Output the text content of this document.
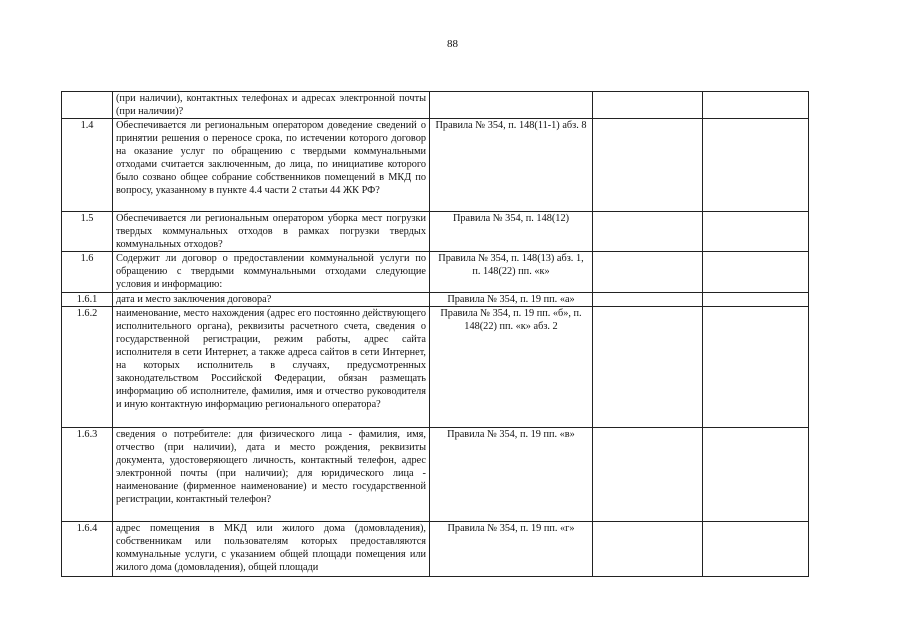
88
	(при наличии), контактных телефонах и адресах электронной почты (при наличии)?			
1.4	Обеспечивается ли региональным оператором доведение сведений о принятии решения о переносе срока, по истечении которого договор на оказание услуг по обращению с твердыми коммунальными отходами считается заключенным, до лица, по инициативе которого было созвано общее собрание собственников помещений в МКД по вопросу, указанному в пункте 4.4 части 2 статьи 44 ЖК РФ?	Правила № 354, п. 148(11-1) абз. 8		
1.5	Обеспечивается ли региональным оператором уборка мест погрузки твердых коммунальных отходов в рамках погрузки твердых коммунальных отходов?	Правила № 354, п. 148(12)		
1.6	Содержит ли договор о предоставлении коммунальной услуги по обращению с твердыми коммунальными отходами следующие условия и информацию:	Правила № 354, п. 148(13) абз. 1, п. 148(22) пп. «к»		
1.6.1	дата и место заключения договора?	Правила № 354, п. 19 пп. «а»		
1.6.2	наименование, место нахождения (адрес его постоянно действующего исполнительного органа), реквизиты расчетного счета, сведения о государственной регистрации, режим работы, адрес сайта исполнителя в сети Интернет, а также адреса сайтов в сети Интернет, на которых исполнитель в случаях, предусмотренных законодательством Российской Федерации, обязан размещать информацию об исполнителе, фамилия, имя и отчество руководителя и иную контактную информацию регионального оператора?	Правила № 354, п. 19 пп. «б», п. 148(22) пп. «к» абз. 2		
1.6.3	сведения о потребителе: для физического лица - фамилия, имя, отчество (при наличии), дата и место рождения, реквизиты документа, удостоверяющего личность, контактный телефон, адрес электронной почты (при наличии); для юридического лица - наименование (фирменное наименование) и место государственной регистрации, контактный телефон?	Правила № 354, п. 19 пп. «в»		
1.6.4	адрес помещения в МКД или жилого дома (домовладения), собственникам или пользователям которых предоставляются коммунальные услуги, с указанием общей площади помещения или жилого дома (домовладения), общей площади	Правила № 354, п. 19 пп. «г»		
